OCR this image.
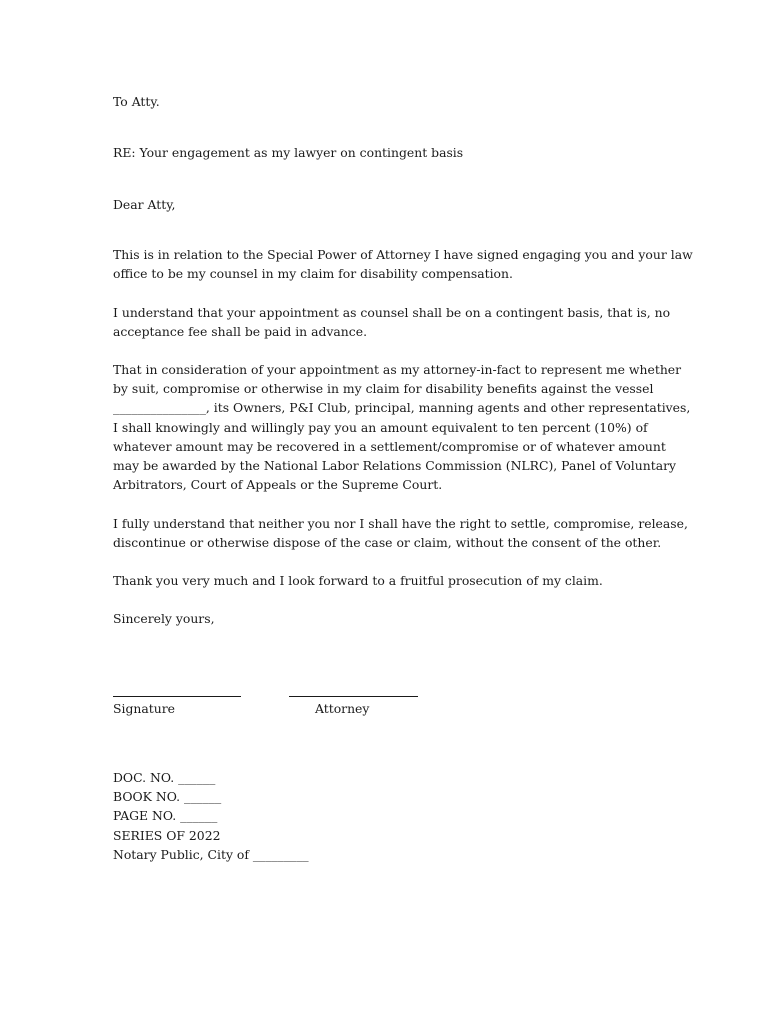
To Atty.
RE: Your engagement as my lawyer on contingent basis
Dear Atty,
This is in relation to the Special Power of Attorney I have signed engaging you and your law
office to be my counsel in my claim for disability compensation.
I understand that your appointment as counsel shall be on a contingent basis, that is, no
acceptance fee shall be paid in advance.
That in consideration of your appointment as my attorney-in-fact to represent me whether
by suit, compromise or otherwise in my claim for disability benefits against the vessel
_______________, its Owners, P&I Club, principal, manning agents and other representatives,
I shall knowingly and willingly pay you an amount equivalent to ten percent (10%) of
whatever amount may be recovered in a settlement/compromise or of whatever amount
may be awarded by the National Labor Relations Commission (NLRC), Panel of Voluntary
Arbitrators, Court of Appeals or the Supreme Court.
I fully understand that neither you nor I shall have the right to settle, compromise, release,
discontinue or otherwise dispose of the case or claim, without the consent of the other.
Thank you very much and I look forward to a fruitful prosecution of my claim.
Sincerely yours,
Signature	Attorney
DOC. NO. ______
BOOK NO. ______
PAGE NO. ______
SERIES OF 2022
Notary Public, City of _________
